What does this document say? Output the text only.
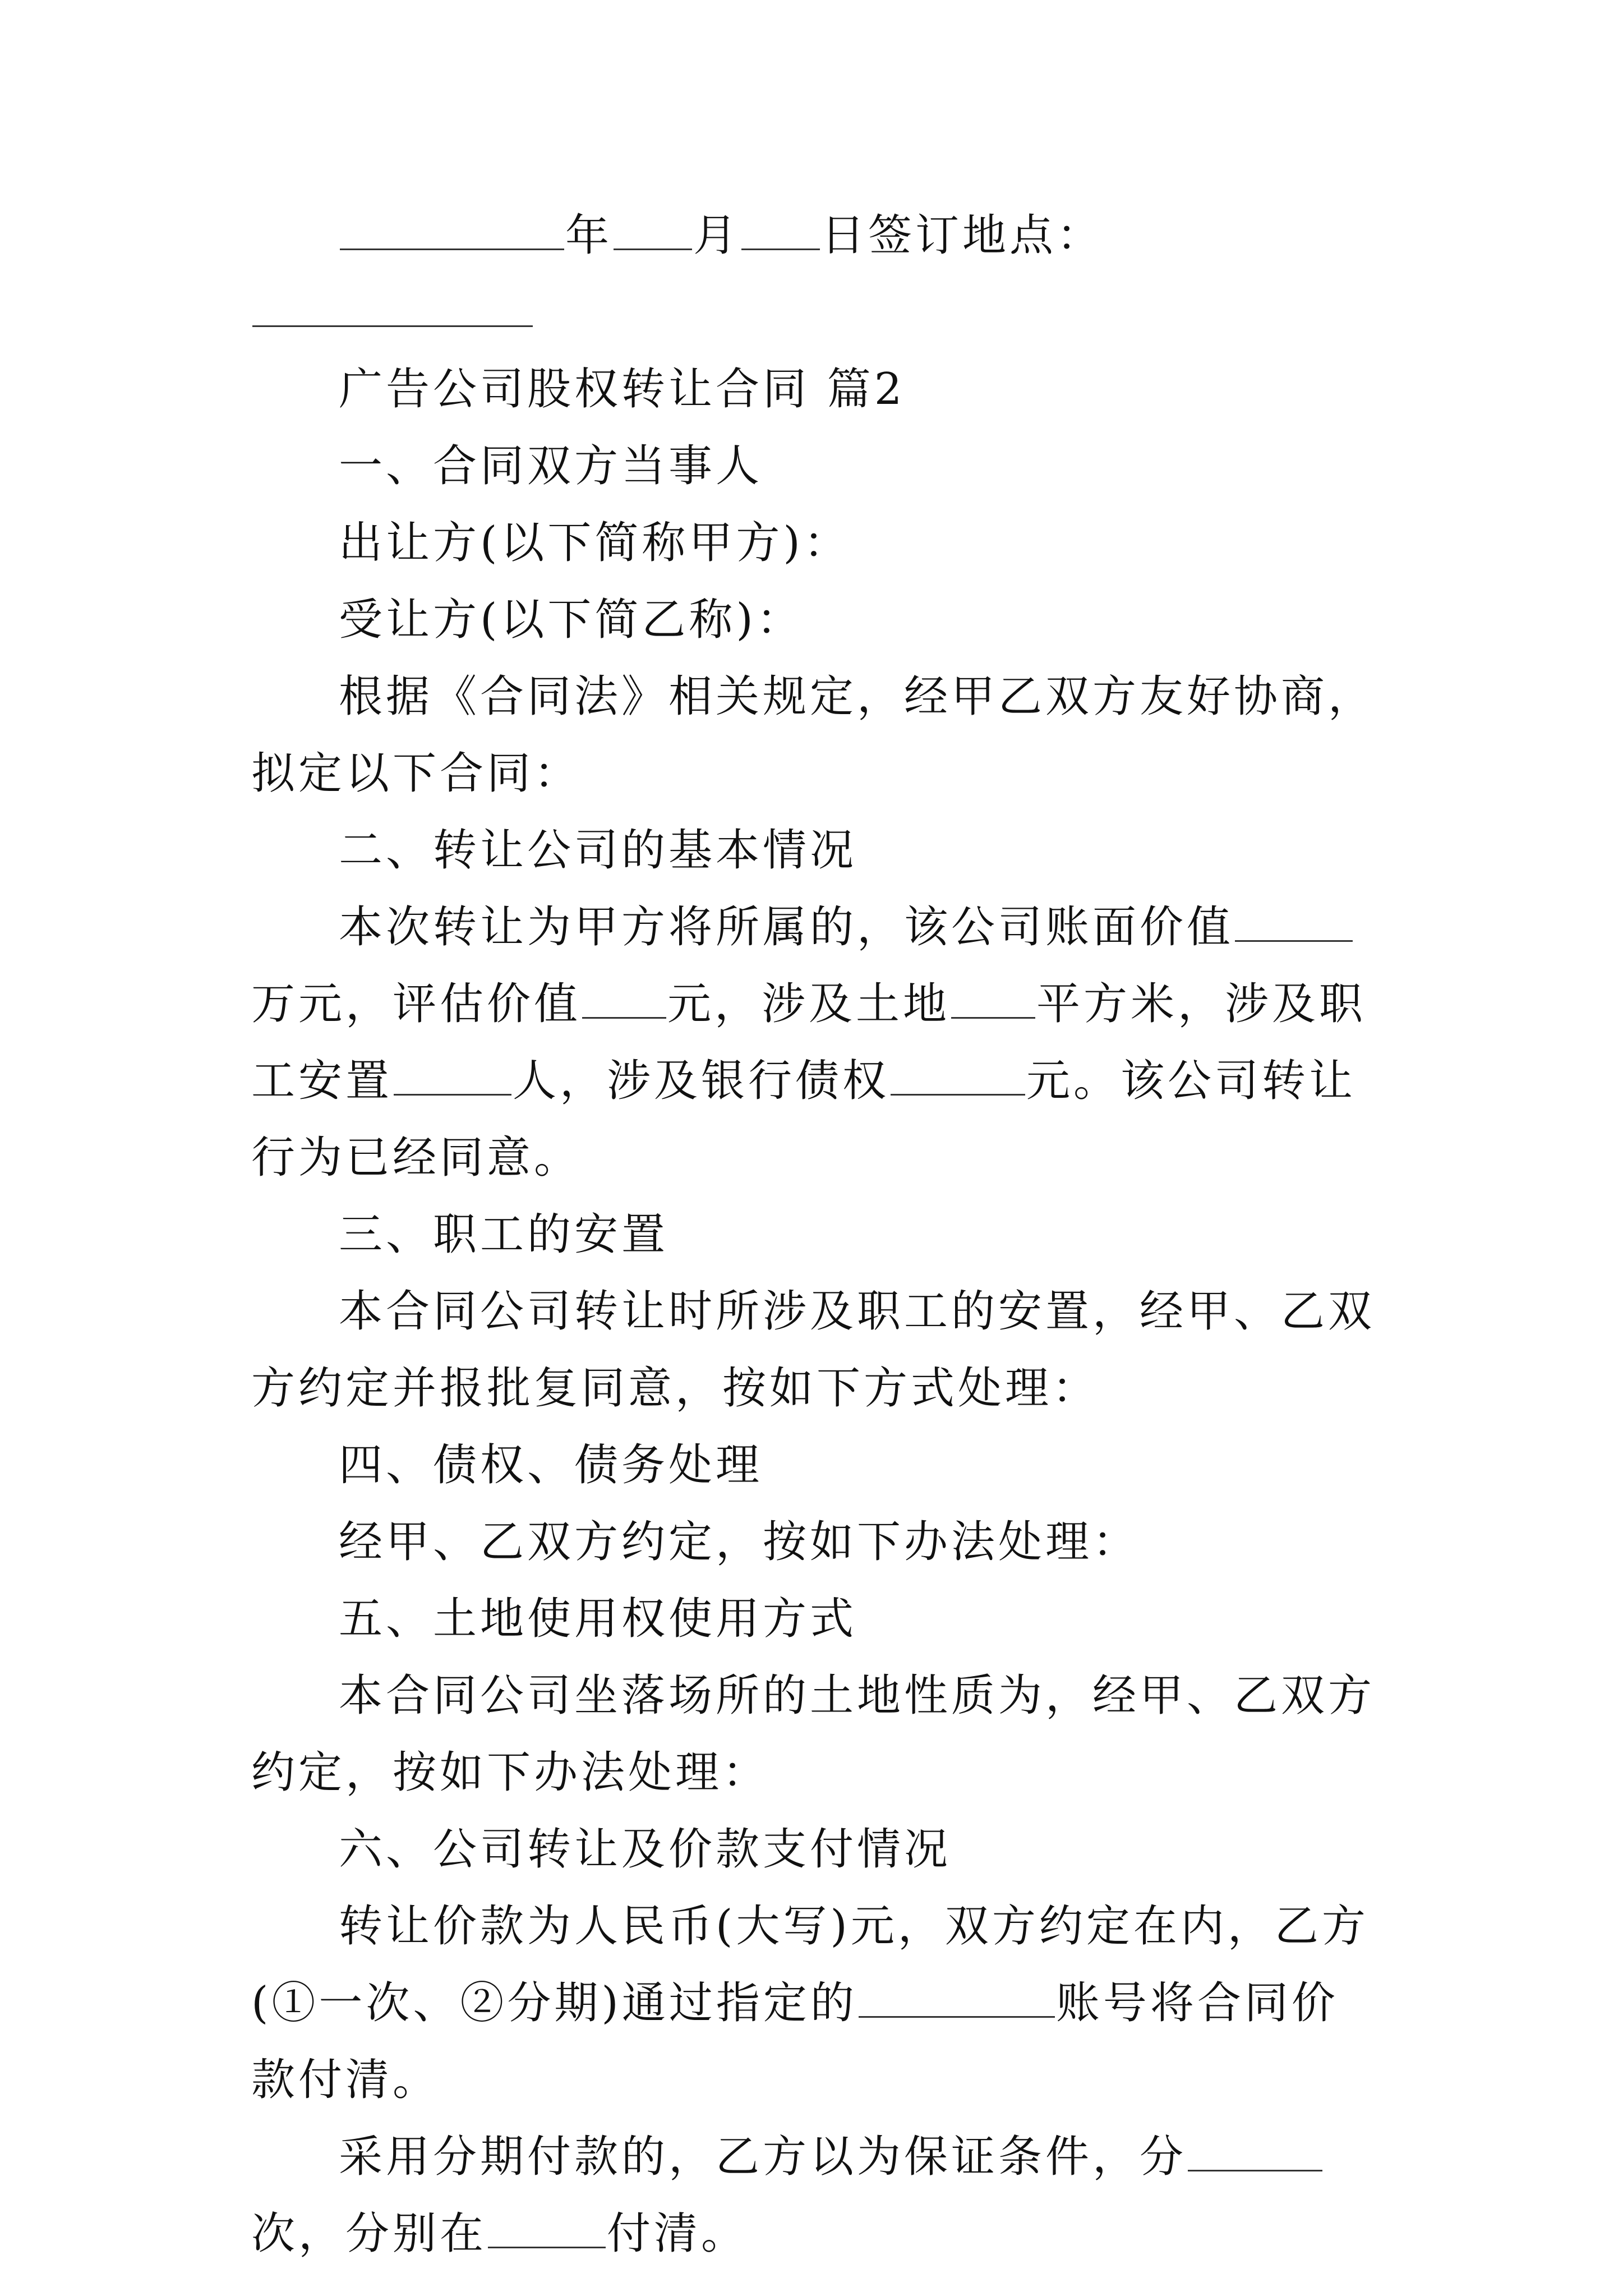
年 月 日签订地点：

广告公司股权转让合同 篇2

一、合同双方当事人

出让方(以下简称甲方)：

受让方(以下简乙称)：

根据《合同法》相关规定，经甲乙双方友好协商，拟定以下合同：

二、转让公司的基本情况

本次转让为甲方将所属的，该公司账面价值万元，评估价值 元，涉及土地 平方米，涉及职工安置	人，涉及银行债权	元。该公司转让行为已经同意。

三、职工的安置

本合同公司转让时所涉及职工的安置，经甲、乙双方约定并报批复同意，按如下方式处理：

四、债权、债务处理

经甲、乙双方约定，按如下办法处理：

五、土地使用权使用方式

本合同公司坐落场所的土地性质为，经甲、乙双方约定，按如下办法处理：

六、公司转让及价款支付情况

转让价款为人民币(大写)元，双方约定在内，乙方(①一次、②分期)通过指定的	账号将合同价款付清。

采用分期付款的，乙方以为保证条件，分次，分别在	付清。
